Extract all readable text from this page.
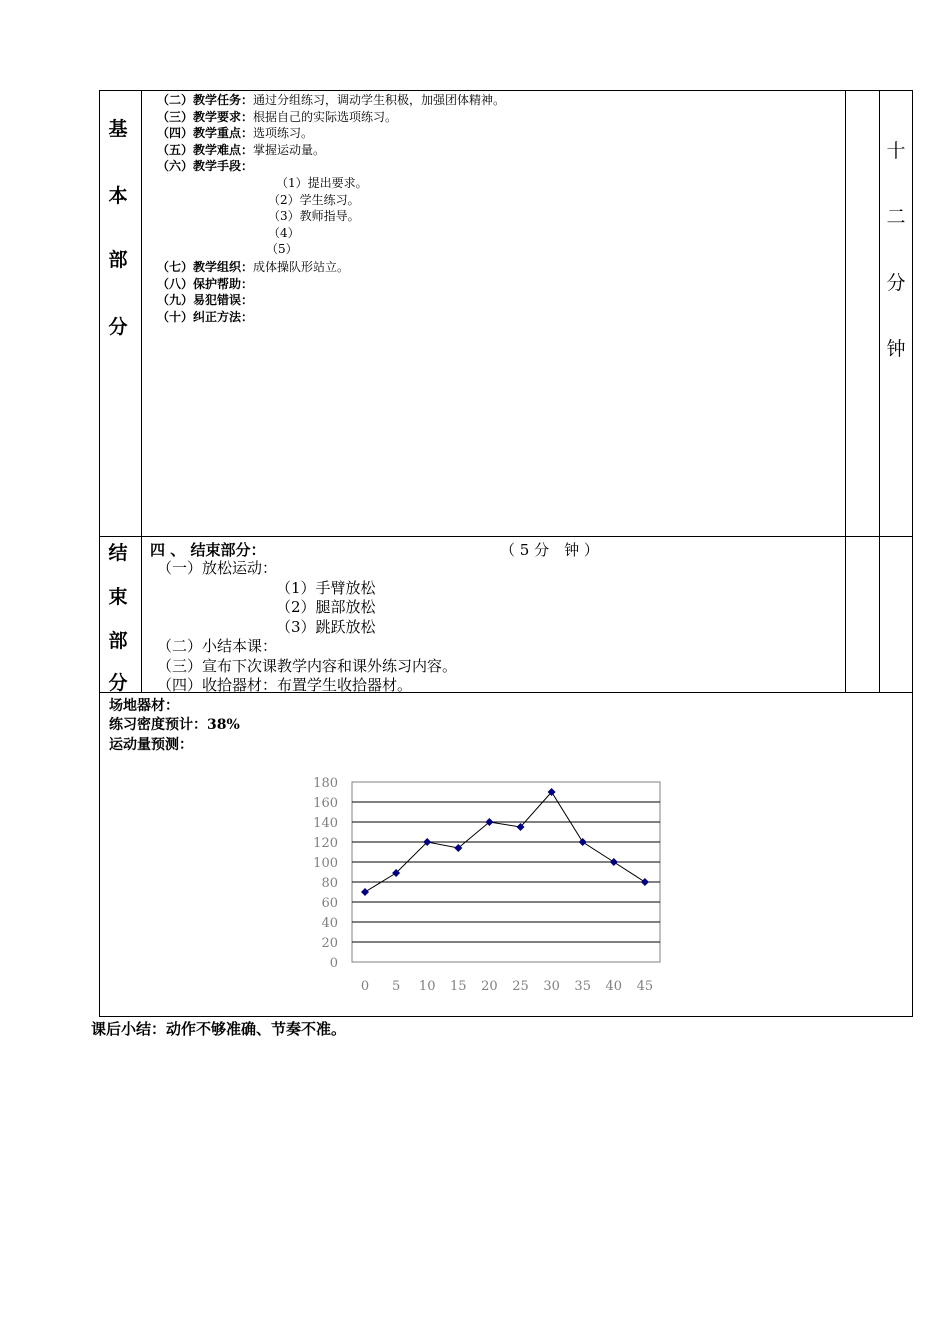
基
本
部
分
十
二
分
钟
（二）教学任务：通过分组练习，调动学生积极，加强团体精神。
（三）教学要求：根据自己的实际选项练习。
（四）教学重点：选项练习。
（五）教学难点：掌握运动量。
（六）教学手段：
（1）提出要求。
（2）学生练习。
（3）教师指导。
（4）
（5）
（七）教学组织：成体操队形站立。
（八）保护帮助：
（九）易犯错误：
（十）纠正方法：
结
束
部
分
四 、 结束部分：	（ 5 分　钟 ）
（一）放松运动：
（1）手臂放松
（2）腿部放松
（3）跳跃放松
（二）小结本课：
（三）宣布下次课教学内容和课外练习内容。
（四）收拾器材：布置学生收拾器材。
场地器材：
练习密度预计：38%
运动量预测：
180
160
140
120
100
80
60
40
20
0
0 5 10 15 20 25 30 35 40 45
课后小结：动作不够准确、节奏不准。
